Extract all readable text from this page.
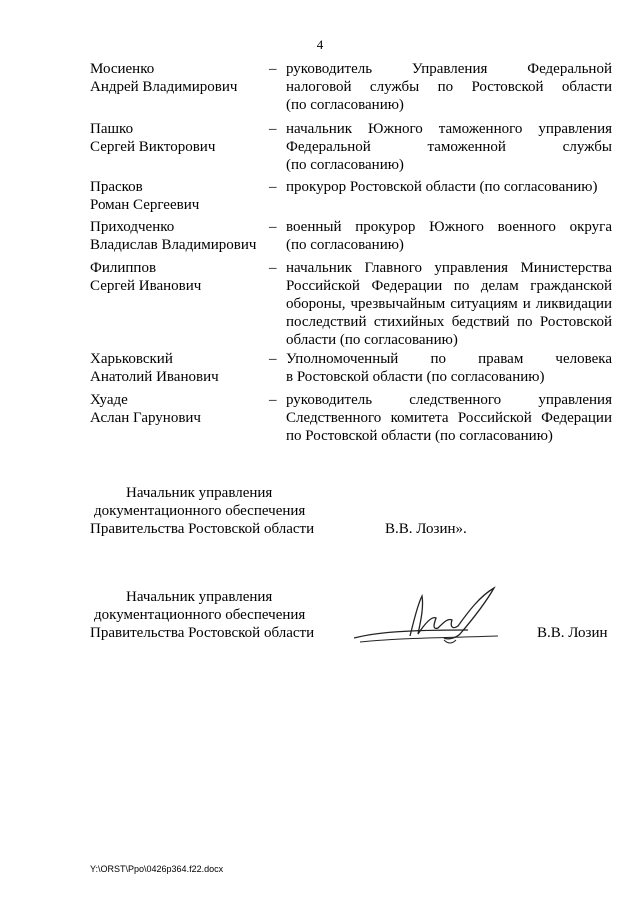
4
Мосиенко
Андрей Владимирович
– руководитель Управления Федеральной
налоговой службы по Ростовской области
(по согласованию)
Пашко
Сергей Викторович
– начальник Южного таможенного управления
Федеральной таможенной службы
(по согласованию)
Прасков
Роман Сергеевич
– прокурор Ростовской области (по согласованию)
Приходченко
Владислав Владимирович
– военный прокурор Южного военного округа
(по согласованию)
Филиппов
Сергей Иванович
– начальник Главного управления Министерства
Российской Федерации по делам гражданской
обороны, чрезвычайным ситуациям и ликвидации
последствий стихийных бедствий по Ростовской
области (по согласованию)
Харьковский
Анатолий Иванович
– Уполномоченный по правам человека
в Ростовской области (по согласованию)
Хуаде
Аслан Гарунович
– руководитель следственного управления
Следственного комитета Российской Федерации
по Ростовской области (по согласованию)
Начальник управления
документационного обеспечения
Правительства Ростовской области	В.В. Лозин».
Начальник управления
документационного обеспечения
Правительства Ростовской области	В.В. Лозин
Y:\ORST\Ppo\0426p364.f22.docx
